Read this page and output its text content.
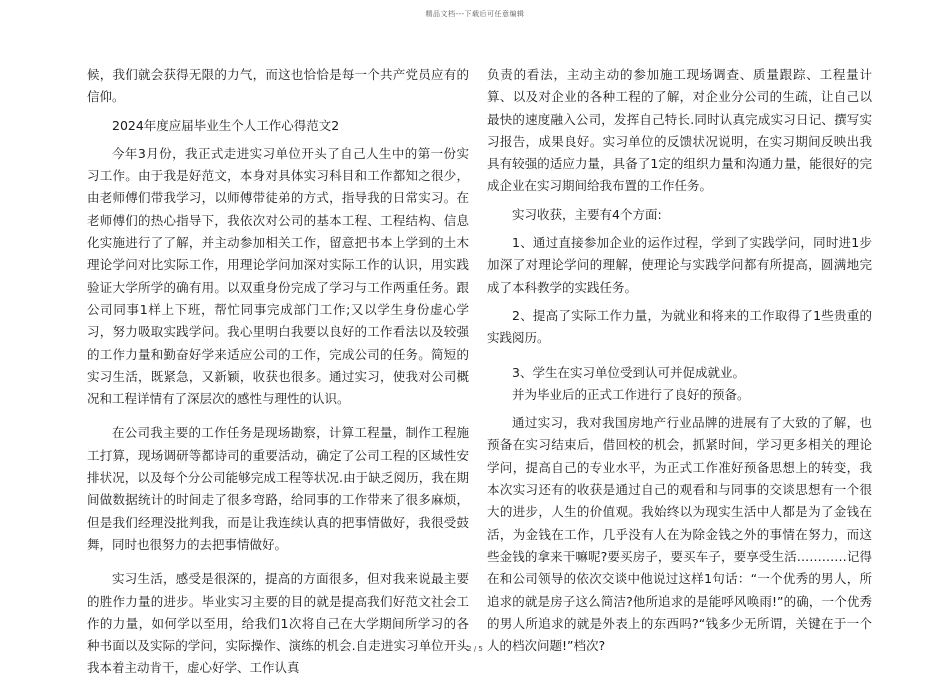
精品文档---下载后可任意编辑

候，我们就会获得无限的力气，而这也恰恰是每一个共产党员应有的信仰。

2024年度应届毕业生个人工作心得范文2

今年3月份，我正式走进实习单位开头了自己人生中的第一份实习工作。由于我是好范文，本身对具体实习科目和工作都知之很少，由老师傅们带我学习，以师傅带徒弟的方式，指导我的日常实习。在老师傅们的热心指导下，我依次对公司的基本工程、工程结构、信息化实施进行了了解，并主动参加相关工作，留意把书本上学到的土木理论学问对比实际工作，用理论学问加深对实际工作的认识，用实践验证大学所学的确有用。以双重身份完成了学习与工作两重任务。跟公司同事1样上下班，帮忙同事完成部门工作;又以学生身份虚心学习，努力吸取实践学问。我心里明白我要以良好的工作看法以及较强的工作力量和勤奋好学来适应公司的工作，完成公司的任务。简短的实习生活，既紧急，又新颖，收获也很多。通过实习，使我对公司概况和工程详情有了深层次的感性与理性的认识。

在公司我主要的工作任务是现场勘察，计算工程量，制作工程施工打算，现场调研等都诗司的重要活动，确定了公司工程的区域性安排状况，以及每个分公司能够完成工程等状况.由于缺乏阅历，我在期间做数据统计的时间走了很多弯路，给同事的工作带来了很多麻烦，但是我们经理没批判我，而是让我连续认真的把事情做好，我很受鼓舞，同时也很努力的去把事情做好。

实习生活，感受是很深的，提高的方面很多，但对我来说最主要的胜作力量的进步。毕业实习主要的目的就是提高我们好范文社会工作的力量，如何学以至用，给我们1次将自己在大学期间所学习的各种书面以及实际的学问，实际操作、演练的机会.自走进实习单位开头我本着主动肯干，虚心好学、工作认真

负责的看法，主动主动的参加施工现场调查、质量跟踪、工程量计算、以及对企业的各种工程的了解，对企业分公司的生疏，让自己以最快的速度融入公司，发挥自己特长.同时认真完成实习日记、撰写实习报告，成果良好。实习单位的反馈状况说明，在实习期间反映出我具有较强的适应力量，具备了1定的组织力量和沟通力量，能很好的完成企业在实习期间给我布置的工作任务。

实习收获，主要有4个方面:

1、通过直接参加企业的运作过程，学到了实践学问，同时进1步加深了对理论学问的理解，使理论与实践学问都有所提高，圆满地完成了本科教学的实践任务。

2、提高了实际工作力量，为就业和将来的工作取得了1些贵重的实践阅历。

3、学生在实习单位受到认可并促成就业。

并为毕业后的正式工作进行了良好的预备。

通过实习，我对我国房地产行业品牌的进展有了大致的了解，也预备在实习结束后，借回校的机会，抓紧时间，学习更多相关的理论学问，提高自己的专业水平，为正式工作准好预备思想上的转变，我本次实习还有的收获是通过自己的观看和与同事的交谈思想有一个很大的进步，人生的价值观。我始终以为现实生活中人都是为了金钱在活，为金钱在工作，几乎没有人在为除金钱之外的事情在努力，而这些金钱的拿来干嘛呢?要买房子，要买车子，要享受生活…………记得在和公司领导的依次交谈中他说过这样1句话：“一个优秀的男人，所追求的就是房子这么简洁?他所追求的是能呼风唤雨!”的确，一个优秀的男人所追求的就是外表上的东西吗?“钱多少无所谓，关键在于一个人的档次问题!”档次?

2 / 5
